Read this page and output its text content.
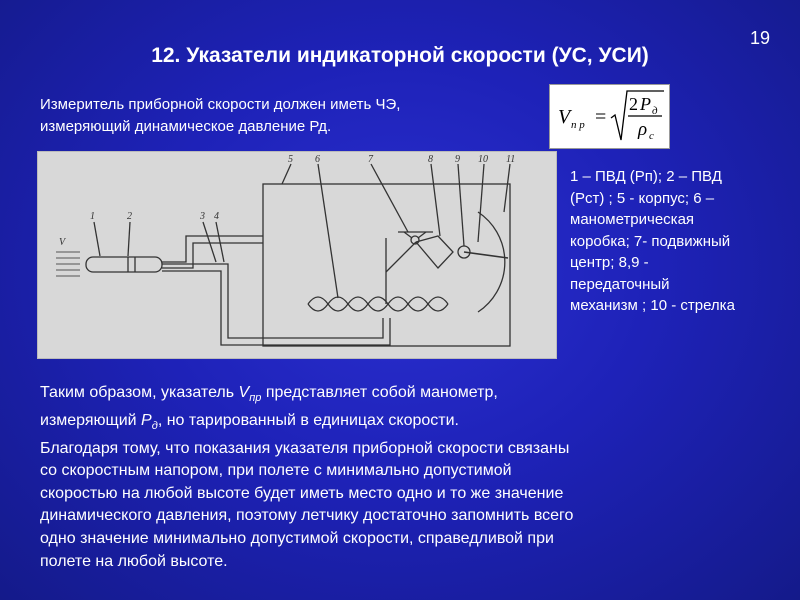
19
12. Указатели индикаторной скорости (УС, УСИ)
Измеритель приборной скорости должен иметь ЧЭ,
измеряющий динамическое давление Рд.	V п р =
2 P д
ρ c
V
1	2	3 4
5 6	7	8 9 10 11
1 – ПВД (Рп); 2 – ПВД
(Рст) ; 5 - корпус; 6 –
манометрическая
коробка; 7- подвижный
центр; 8,9 -
передаточный
механизм ; 10 - стрелка
Таким образом, указатель $V_{пр}$ представляет собой манометр,
измеряющий $P_д$, но тарированный в единицах скорости.
Благодаря тому, что показания указателя приборной скорости связаны
со скоростным напором, при полете с минимально допустимой
скоростью на любой высоте будет иметь место одно и то же значение
динамического давления, поэтому летчику достаточно запомнить всего
одно значение минимально допустимой скорости, справедливой при
полете на любой высоте.
